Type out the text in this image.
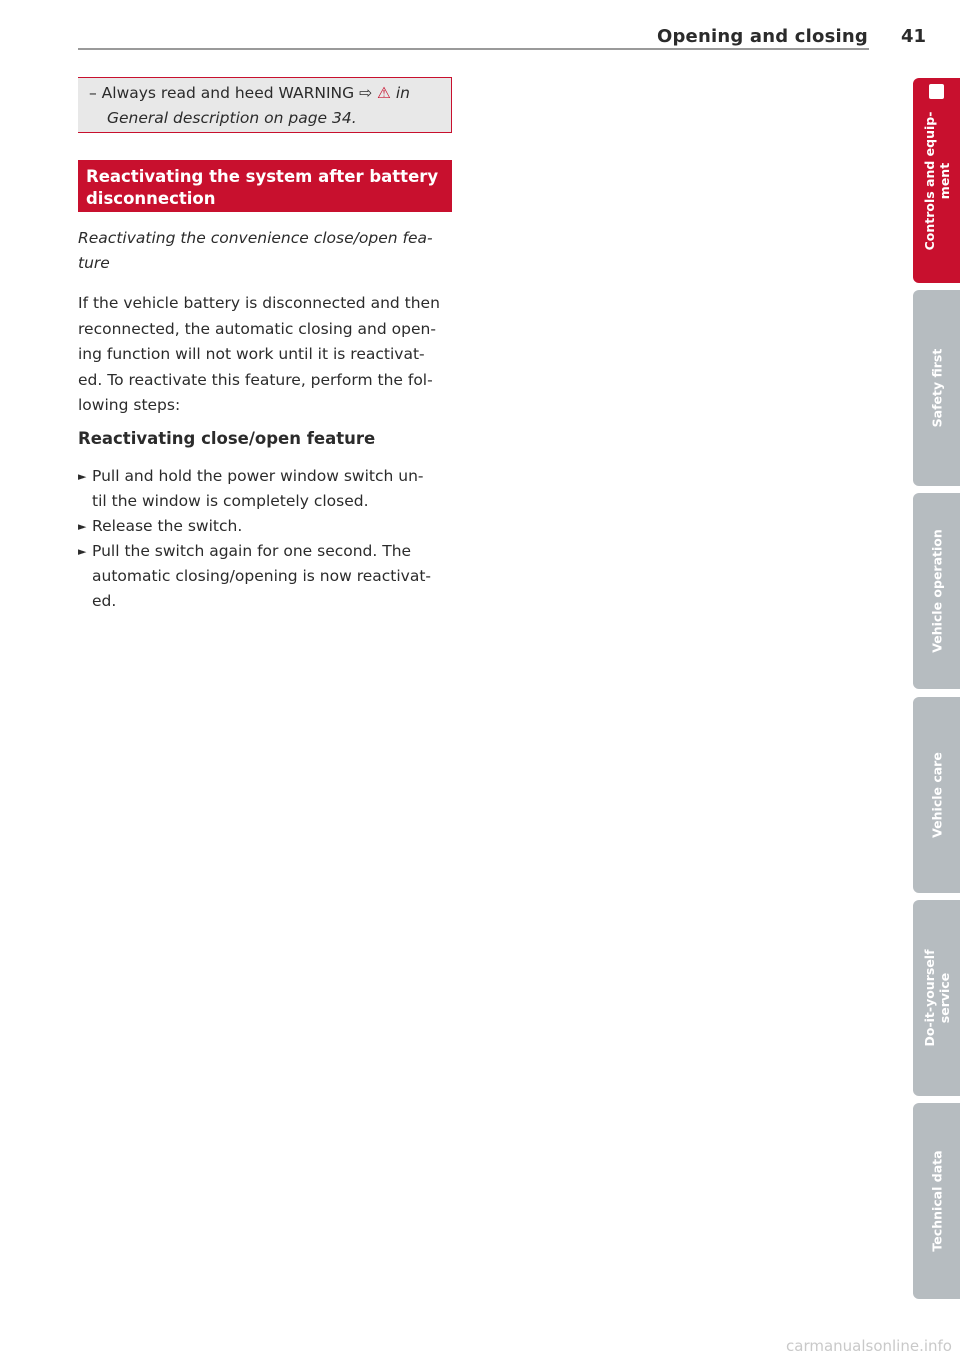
Opening and closing 41
– Always read and heed WARNING ⇨ ⚠ in
General description on page 34.
Reactivating the system after battery
disconnection
Reactivating the convenience close/open fea-
ture
If the vehicle battery is disconnected and then
reconnected, the automatic closing and open-
ing function will not work until it is reactivat-
ed. To reactivate this feature, perform the fol-
lowing steps:
Reactivating close/open feature
► Pull and hold the power window switch un-
til the window is completely closed.
► Release the switch.
► Pull the switch again for one second. The
automatic closing/opening is now reactivat-
ed.
Controls and equip- ment
Safety first
Vehicle operation
Vehicle care
Do-it-yourself service
Technical data
carmanualsonline.info
